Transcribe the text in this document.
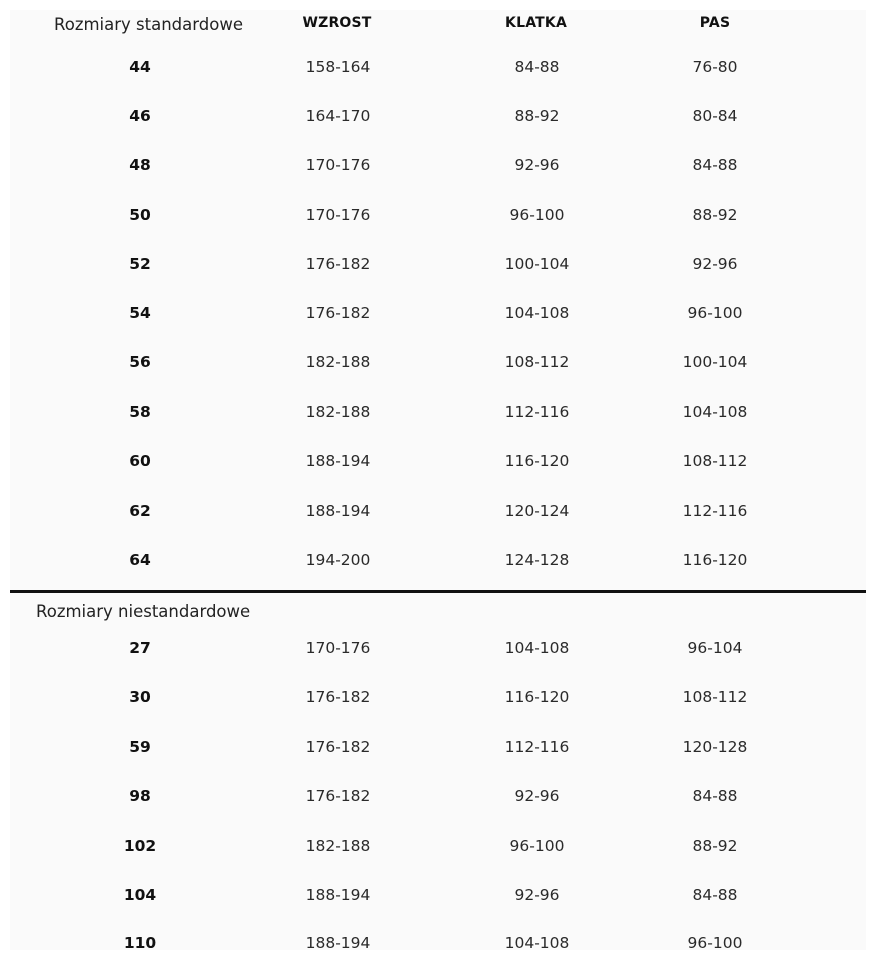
Rozmiary standardowe	WZROST	KLATKA	PAS
44	158-164	84-88	76-80
46	164-170	88-92	80-84
48	170-176	92-96	84-88
50	170-176	96-100	88-92
52	176-182	100-104	92-96
54	176-182	104-108	96-100
56	182-188	108-112	100-104
58	182-188	112-116	104-108
60	188-194	116-120	108-112
62	188-194	120-124	112-116
64	194-200	124-128	116-120
Rozmiary niestandardowe
27	170-176	104-108	96-104
30	176-182	116-120	108-112
59	176-182	112-116	120-128
98	176-182	92-96	84-88
102	182-188	96-100	88-92
104	188-194	92-96	84-88
110	188-194	104-108	96-100
